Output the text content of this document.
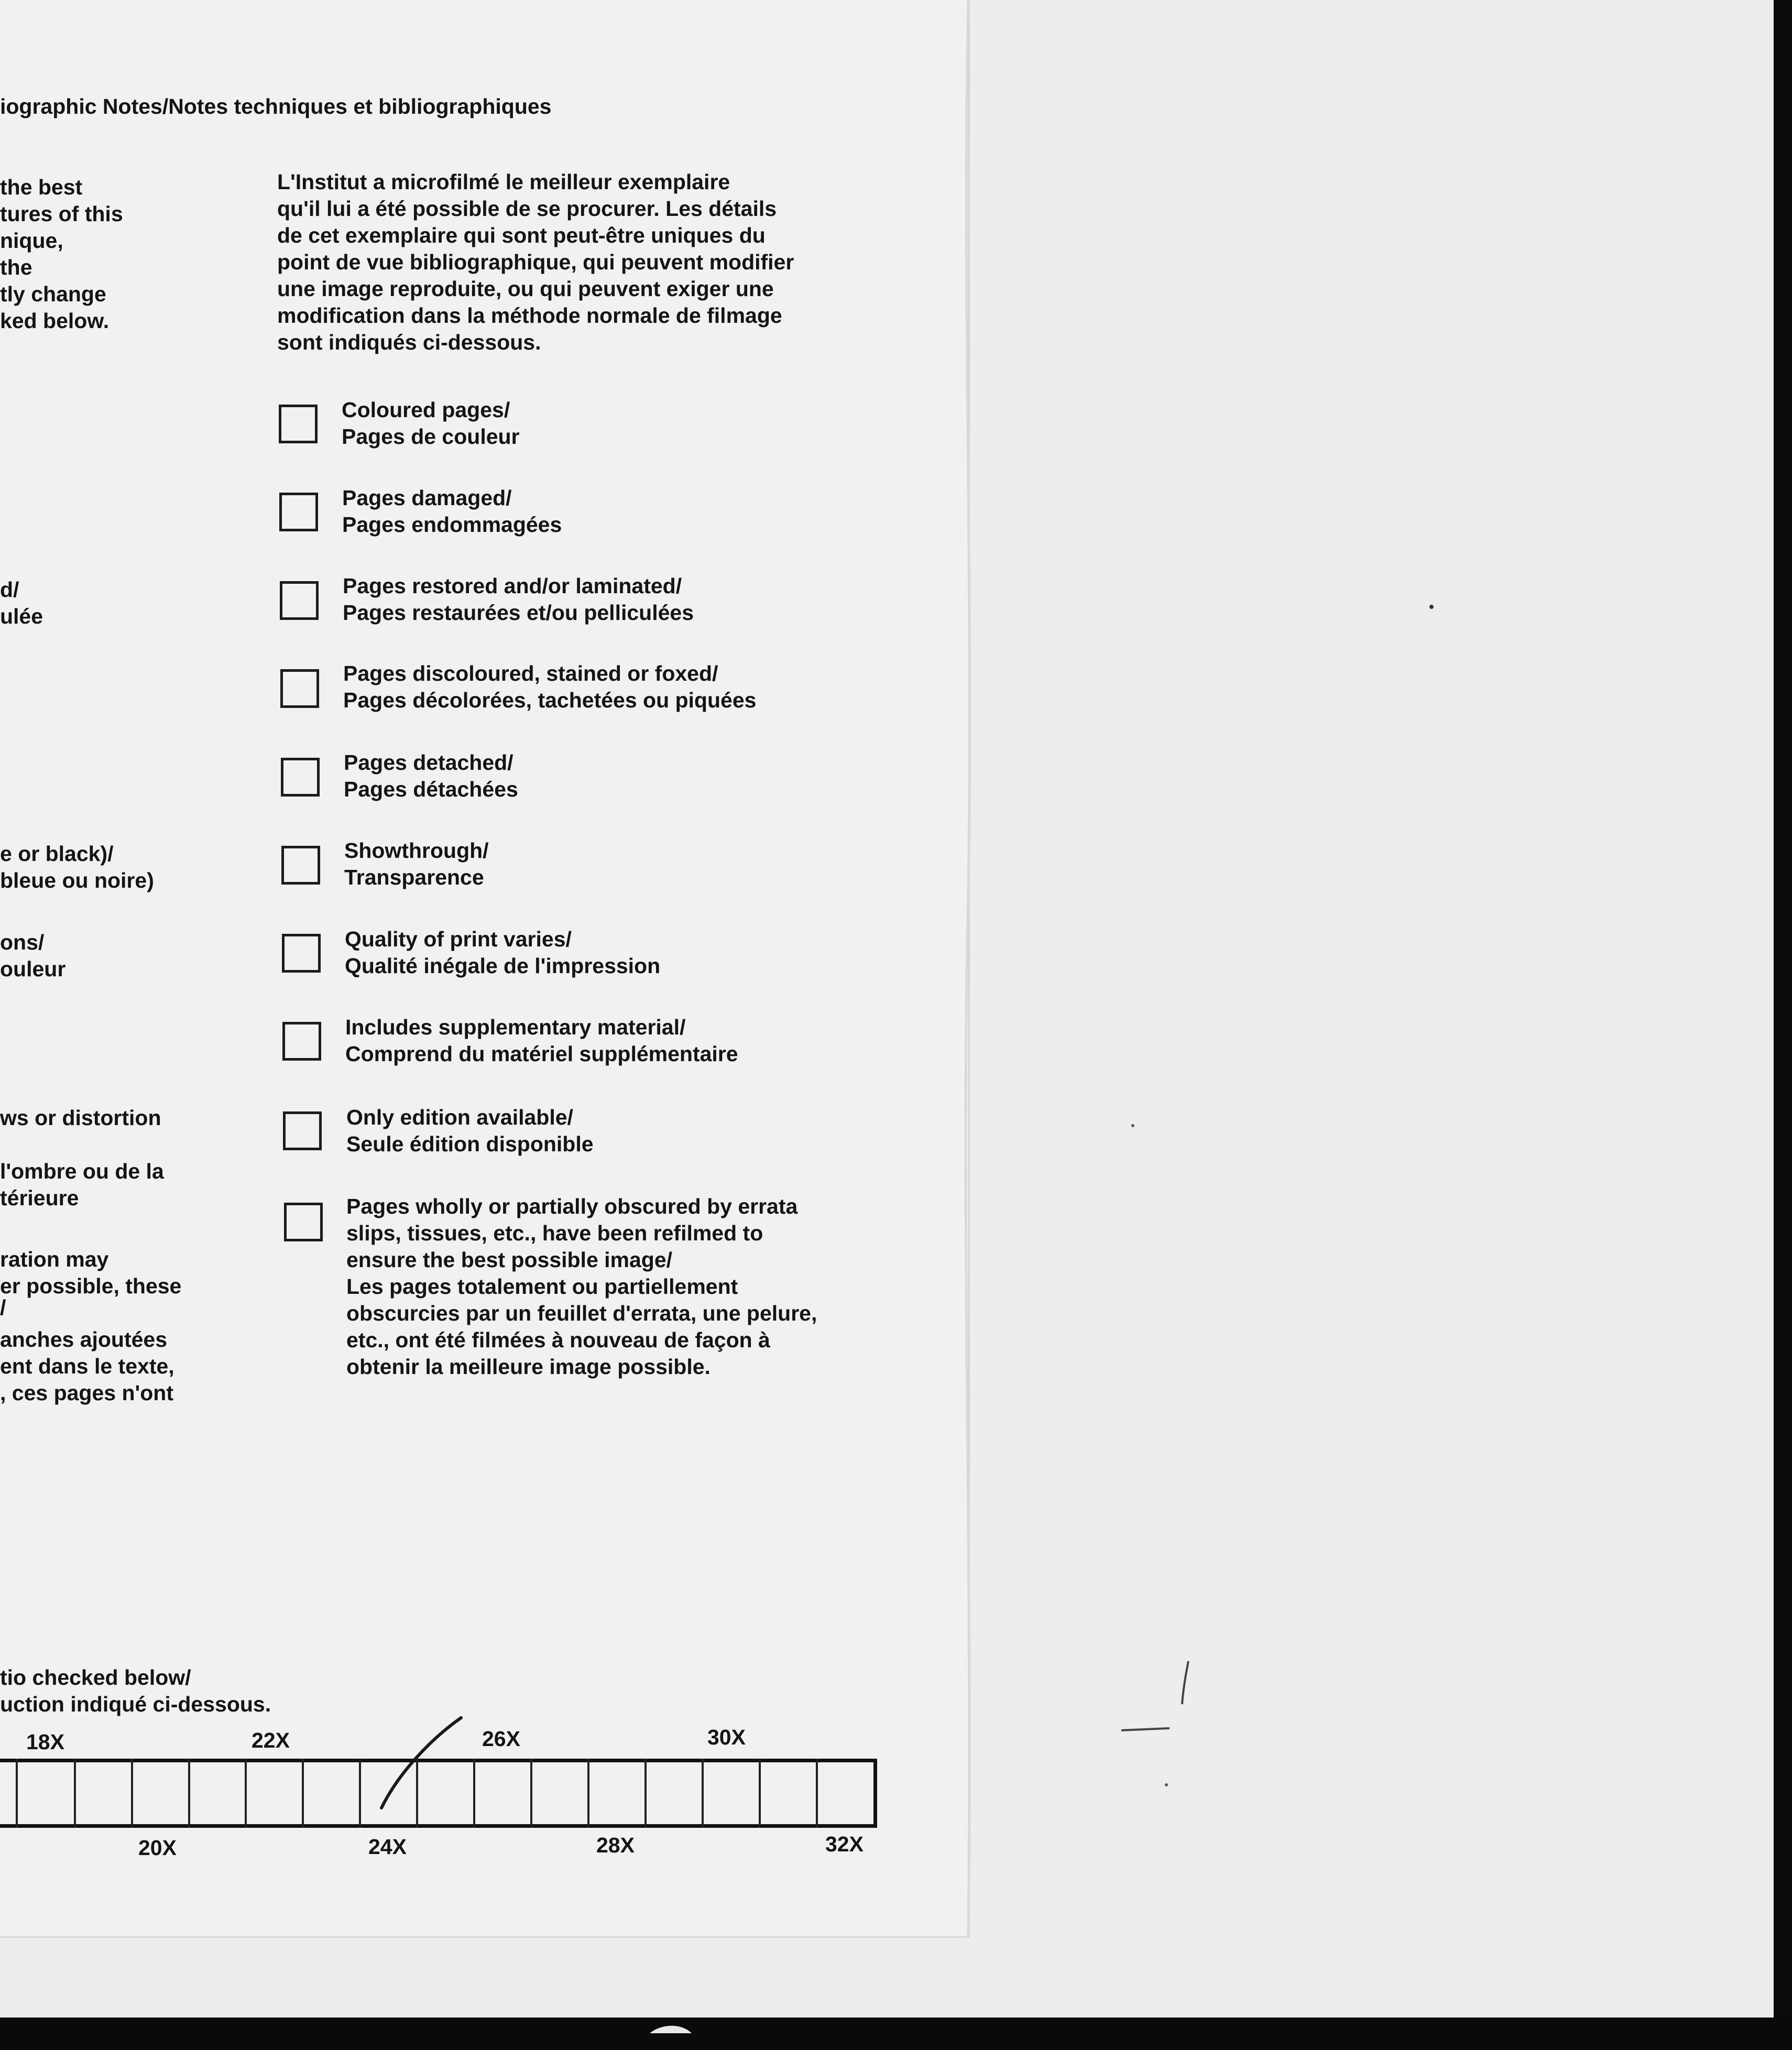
iographic Notes/Notes techniques et bibliographiques
the best
tures of this
nique,
the
tly change
ked below.
d/
ulée
e or black)/
bleue ou noire)
ons/
ouleur
ws or distortion
l'ombre ou de la
térieure
ration may
er possible, these
/
anches ajoutées
ent dans le texte,
, ces pages n'ont
tio checked below/
uction indiqué ci-dessous.
L'Institut a microfilmé le meilleur exemplaire
qu'il lui a été possible de se procurer. Les détails
de cet exemplaire qui sont peut-être uniques du
point de vue bibliographique, qui peuvent modifier
une image reproduite, ou qui peuvent exiger une
modification dans la méthode normale de filmage
sont indiqués ci-dessous.
Coloured pages/
Pages de couleur
Pages damaged/
Pages endommagées
Pages restored and/or laminated/
Pages restaurées et/ou pelliculées
Pages discoloured, stained or foxed/
Pages décolorées, tachetées ou piquées
Pages detached/
Pages détachées
Showthrough/
Transparence
Quality of print varies/
Qualité inégale de l'impression
Includes supplementary material/
Comprend du matériel supplémentaire
Only edition available/
Seule édition disponible
Pages wholly or partially obscured by errata
slips, tissues, etc., have been refilmed to
ensure the best possible image/
Les pages totalement ou partiellement
obscurcies par un feuillet d'errata, une pelure,
etc., ont été filmées à nouveau de façon à
obtenir la meilleure image possible.
18X	22X	26X	30X
20X	24X	28X	32X
